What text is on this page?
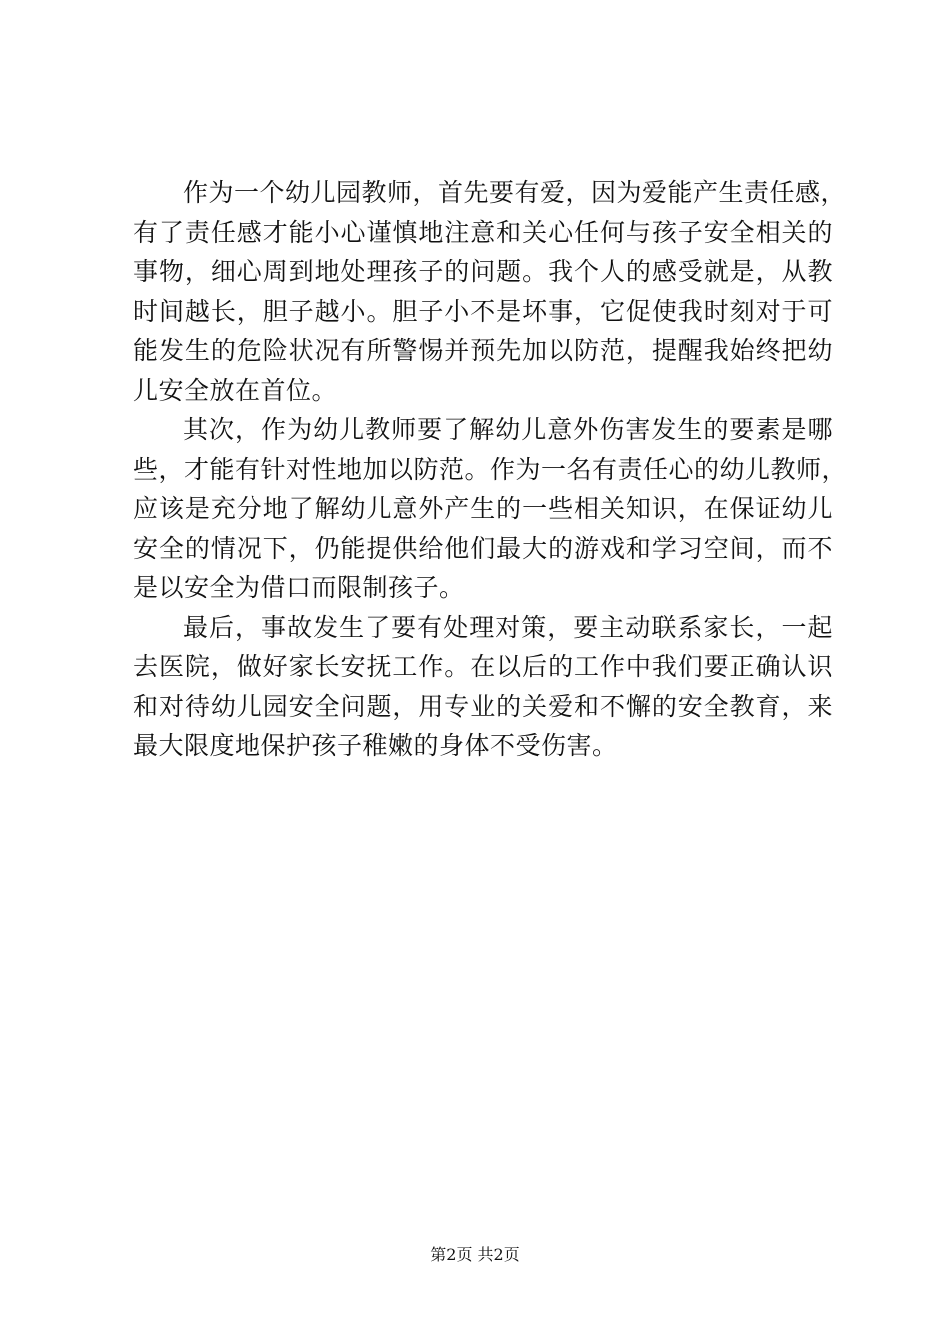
作为一个幼儿园教师，首先要有爱，因为爱能产生责任感，
有了责任感才能小心谨慎地注意和关心任何与孩子安全相关的
事物，细心周到地处理孩子的问题。我个人的感受就是，从教
时间越长，胆子越小。胆子小不是坏事，它促使我时刻对于可
能发生的危险状况有所警惕并预先加以防范，提醒我始终把幼
儿安全放在首位。
其次，作为幼儿教师要了解幼儿意外伤害发生的要素是哪
些，才能有针对性地加以防范。作为一名有责任心的幼儿教师，
应该是充分地了解幼儿意外产生的一些相关知识，在保证幼儿
安全的情况下，仍能提供给他们最大的游戏和学习空间，而不
是以安全为借口而限制孩子。
最后，事故发生了要有处理对策，要主动联系家长，一起
去医院，做好家长安抚工作。在以后的工作中我们要正确认识
和对待幼儿园安全问题，用专业的关爱和不懈的安全教育，来
最大限度地保护孩子稚嫩的身体不受伤害。
第2页 共2页
